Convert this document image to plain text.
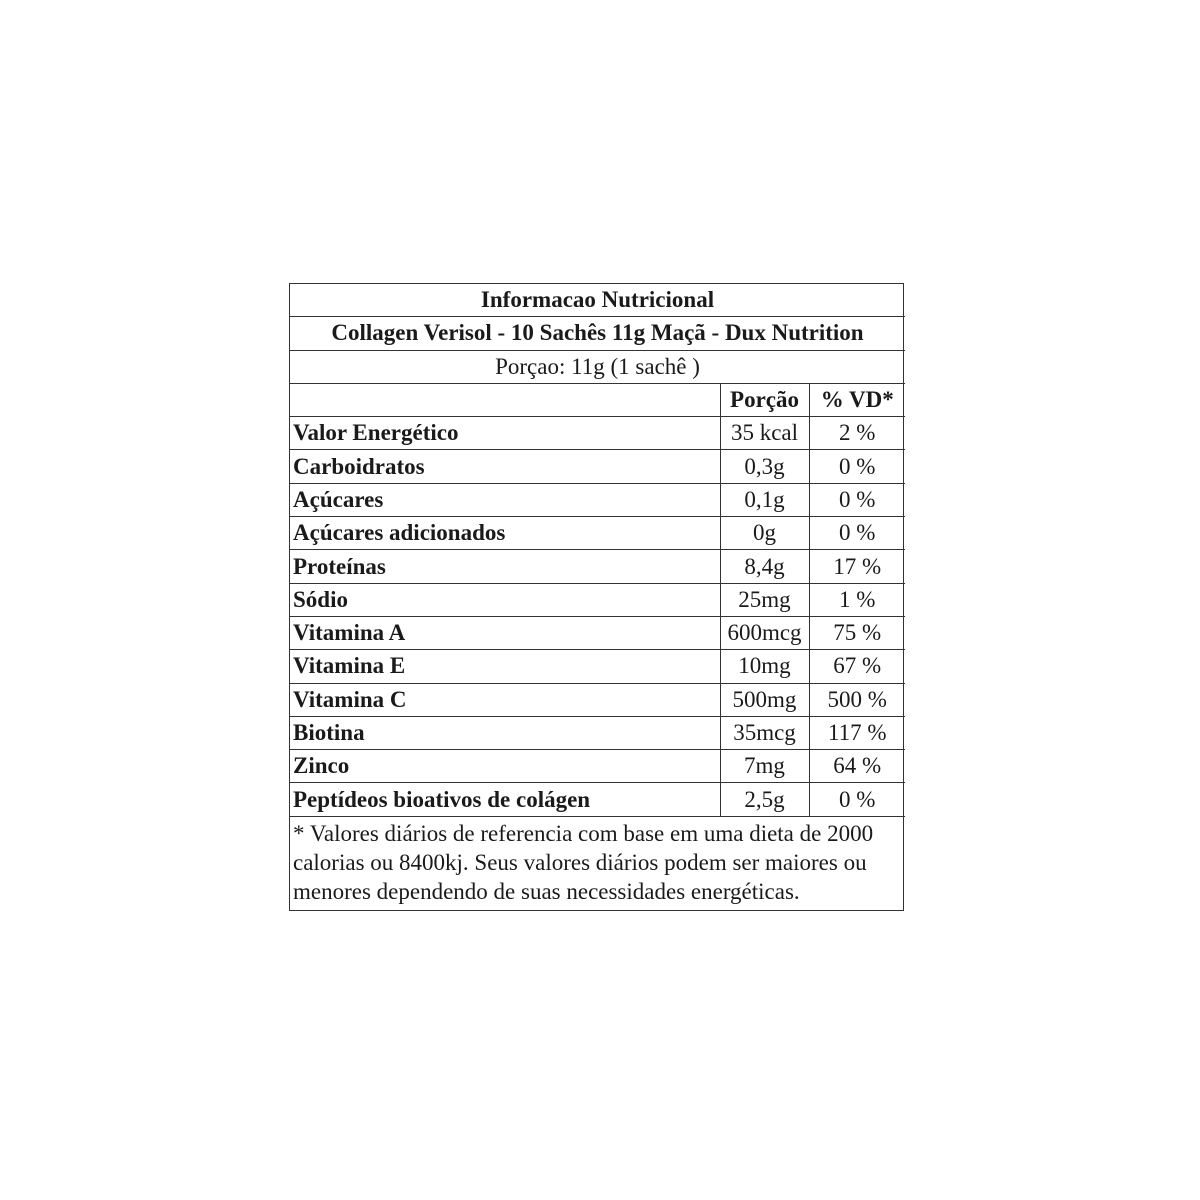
Informacao Nutricional		
Collagen Verisol - 10 Sachês 11g Maçã - Dux Nutrition		
Porçao: 11g (1 sachê )		
	Porção	% VD*
Valor Energético	35 kcal	2 %
Carboidratos	0,3g	0 %
Açúcares	0,1g	0 %
Açúcares adicionados	0g	0 %
Proteínas	8,4g	17 %
Sódio	25mg	1 %
Vitamina A	600mcg	75 %
Vitamina E	10mg	67 %
Vitamina C	500mg	500 %
Biotina	35mcg	117 %
Zinco	7mg	64 %
Peptídeos bioativos de colágen	2,5g	0 %
* Valores diários de referencia com base em uma dieta de 2000 calorias ou 8400kj. Seus valores diários podem ser maiores ou menores dependendo de suas necessidades energéticas.		
